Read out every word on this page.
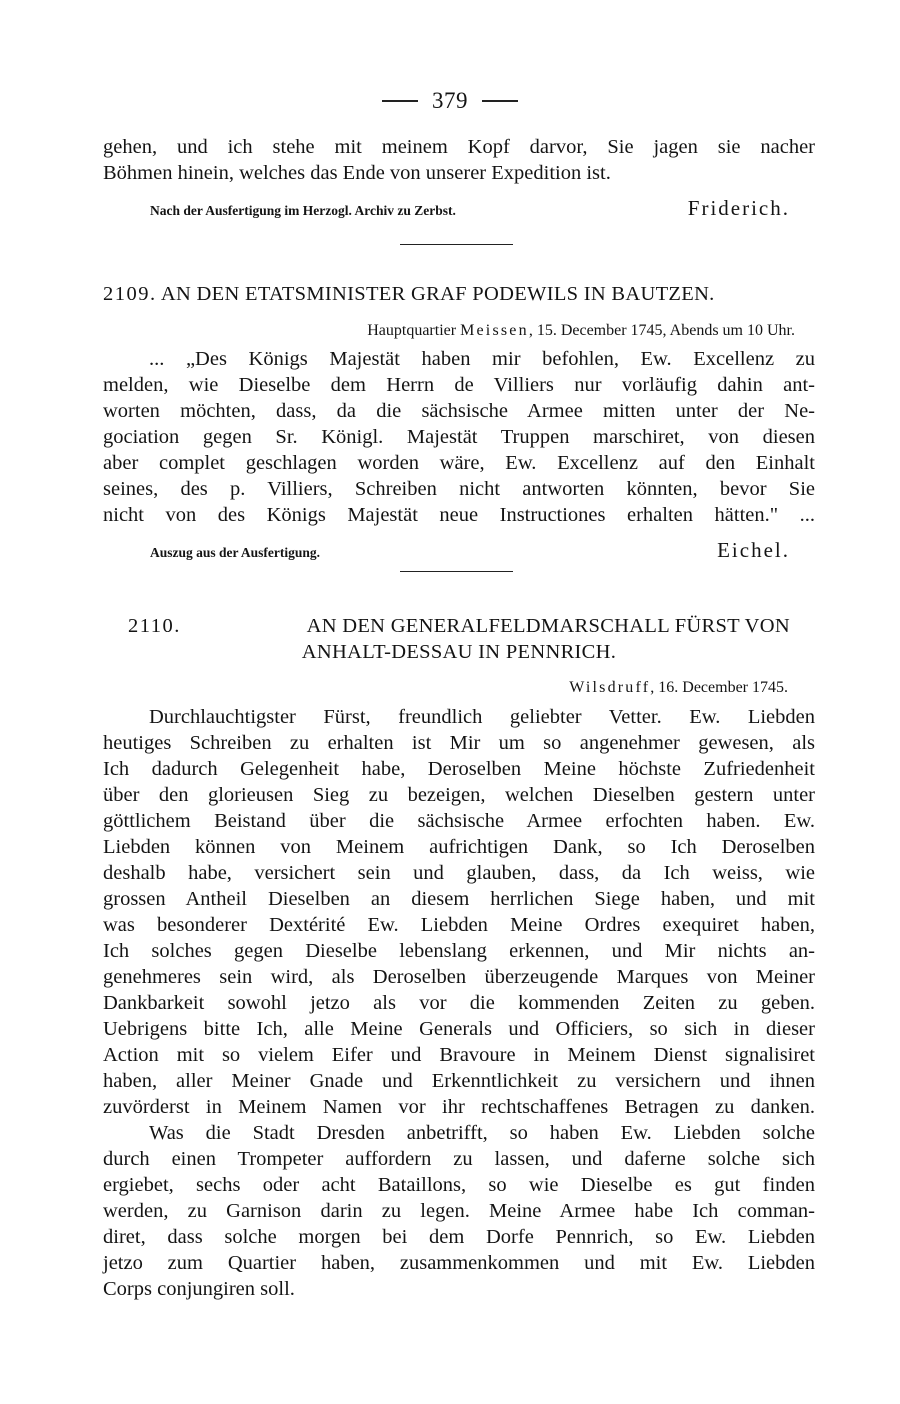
379
gehen, und ich stehe mit meinem Kopf darvor, Sie jagen sie nacher
Böhmen hinein, welches das Ende von unserer Expedition ist.
Nach der Ausfertigung im Herzogl. Archiv zu Zerbst.	Friderich.
2109. AN DEN ETATSMINISTER GRAF PODEWILS IN BAUTZEN.
Hauptquartier Meissen, 15. December 1745, Abends um 10 Uhr.
... „Des Königs Majestät haben mir befohlen, Ew. Excellenz zu
melden, wie Dieselbe dem Herrn de Villiers nur vorläufig dahin ant-
worten möchten, dass, da die sächsische Armee mitten unter der Ne-
gociation gegen Sr. Königl. Majestät Truppen marschiret, von diesen
aber complet geschlagen worden wäre, Ew. Excellenz auf den Einhalt
seines, des p. Villiers, Schreiben nicht antworten könnten, bevor Sie
nicht von des Königs Majestät neue Instructiones erhalten hätten." ...
Auszug aus der Ausfertigung.	Eichel.
2110.	AN DEN GENERALFELDMARSCHALL FÜRST VON
ANHALT-DESSAU IN PENNRICH.
Wilsdruff, 16. December 1745.
Durchlauchtigster Fürst, freundlich geliebter Vetter. Ew. Liebden
heutiges Schreiben zu erhalten ist Mir um so angenehmer gewesen, als
Ich dadurch Gelegenheit habe, Deroselben Meine höchste Zufriedenheit
über den glorieusen Sieg zu bezeigen, welchen Dieselben gestern unter
göttlichem Beistand über die sächsische Armee erfochten haben. Ew.
Liebden können von Meinem aufrichtigen Dank, so Ich Deroselben
deshalb habe, versichert sein und glauben, dass, da Ich weiss, wie
grossen Antheil Dieselben an diesem herrlichen Siege haben, und mit
was besonderer Dextérité Ew. Liebden Meine Ordres exequiret haben,
Ich solches gegen Dieselbe lebenslang erkennen, und Mir nichts an-
genehmeres sein wird, als Deroselben überzeugende Marques von Meiner
Dankbarkeit sowohl jetzo als vor die kommenden Zeiten zu geben.
Uebrigens bitte Ich, alle Meine Generals und Officiers, so sich in dieser
Action mit so vielem Eifer und Bravoure in Meinem Dienst signalisiret
haben, aller Meiner Gnade und Erkenntlichkeit zu versichern und ihnen
zuvörderst in Meinem Namen vor ihr rechtschaffenes Betragen zu danken.
Was die Stadt Dresden anbetrifft, so haben Ew. Liebden solche
durch einen Trompeter auffordern zu lassen, und daferne solche sich
ergiebet, sechs oder acht Bataillons, so wie Dieselbe es gut finden
werden, zu Garnison darin zu legen. Meine Armee habe Ich comman-
diret, dass solche morgen bei dem Dorfe Pennrich, so Ew. Liebden
jetzo zum Quartier haben, zusammenkommen und mit Ew. Liebden
Corps conjungiren soll.
